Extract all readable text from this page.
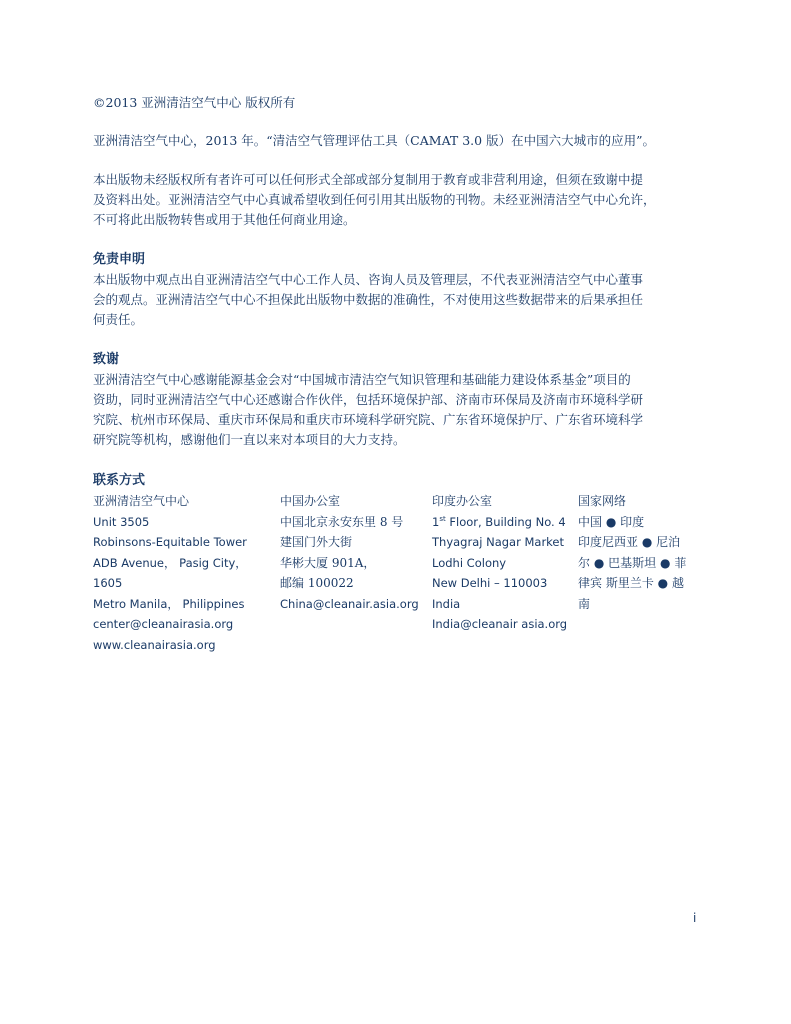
©2013 亚洲清洁空气中心 版权所有

亚洲清洁空气中心，2013 年。“清洁空气管理评估工具（CAMAT 3.0 版）在中国六大城市的应用”。

本出版物未经版权所有者许可可以任何形式全部或部分复制用于教育或非营利用途，但须在致谢中提
及资料出处。亚洲清洁空气中心真诚希望收到任何引用其出版物的刊物。未经亚洲清洁空气中心允许，
不可将此出版物转售或用于其他任何商业用途。

免责申明

本出版物中观点出自亚洲清洁空气中心工作人员、咨询人员及管理层，不代表亚洲清洁空气中心董事
会的观点。亚洲清洁空气中心不担保此出版物中数据的准确性，不对使用这些数据带来的后果承担任
何责任。

致谢

亚洲清洁空气中心感谢能源基金会对“中国城市清洁空气知识管理和基础能力建设体系基金”项目的
资助，同时亚洲清洁空气中心还感谢合作伙伴，包括环境保护部、济南市环保局及济南市环境科学研
究院、杭州市环保局、重庆市环保局和重庆市环境科学研究院、广东省环境保护厅、广东省环境科学
研究院等机构，感谢他们一直以来对本项目的大力支持。

联系方式

亚洲清洁空气中心
Unit 3505
Robinsons-Equitable Tower
ADB Avenue， Pasig City，
1605
Metro Manila， Philippines
center@cleanairasia.org
www.cleanairasia.org
中国办公室
中国北京永安东里 8 号
建国门外大街
华彬大厦 901A，
邮编 100022
China@cleanair.asia.org
印度办公室
1st Floor, Building No. 4
Thyagraj Nagar Market
Lodhi Colony
New Delhi – 110003
India
India@cleanair asia.org
国家网络
中国 ● 印度
印度尼西亚 ● 尼泊
尔 ● 巴基斯坦 ● 菲
律宾 斯里兰卡 ● 越
南
i
